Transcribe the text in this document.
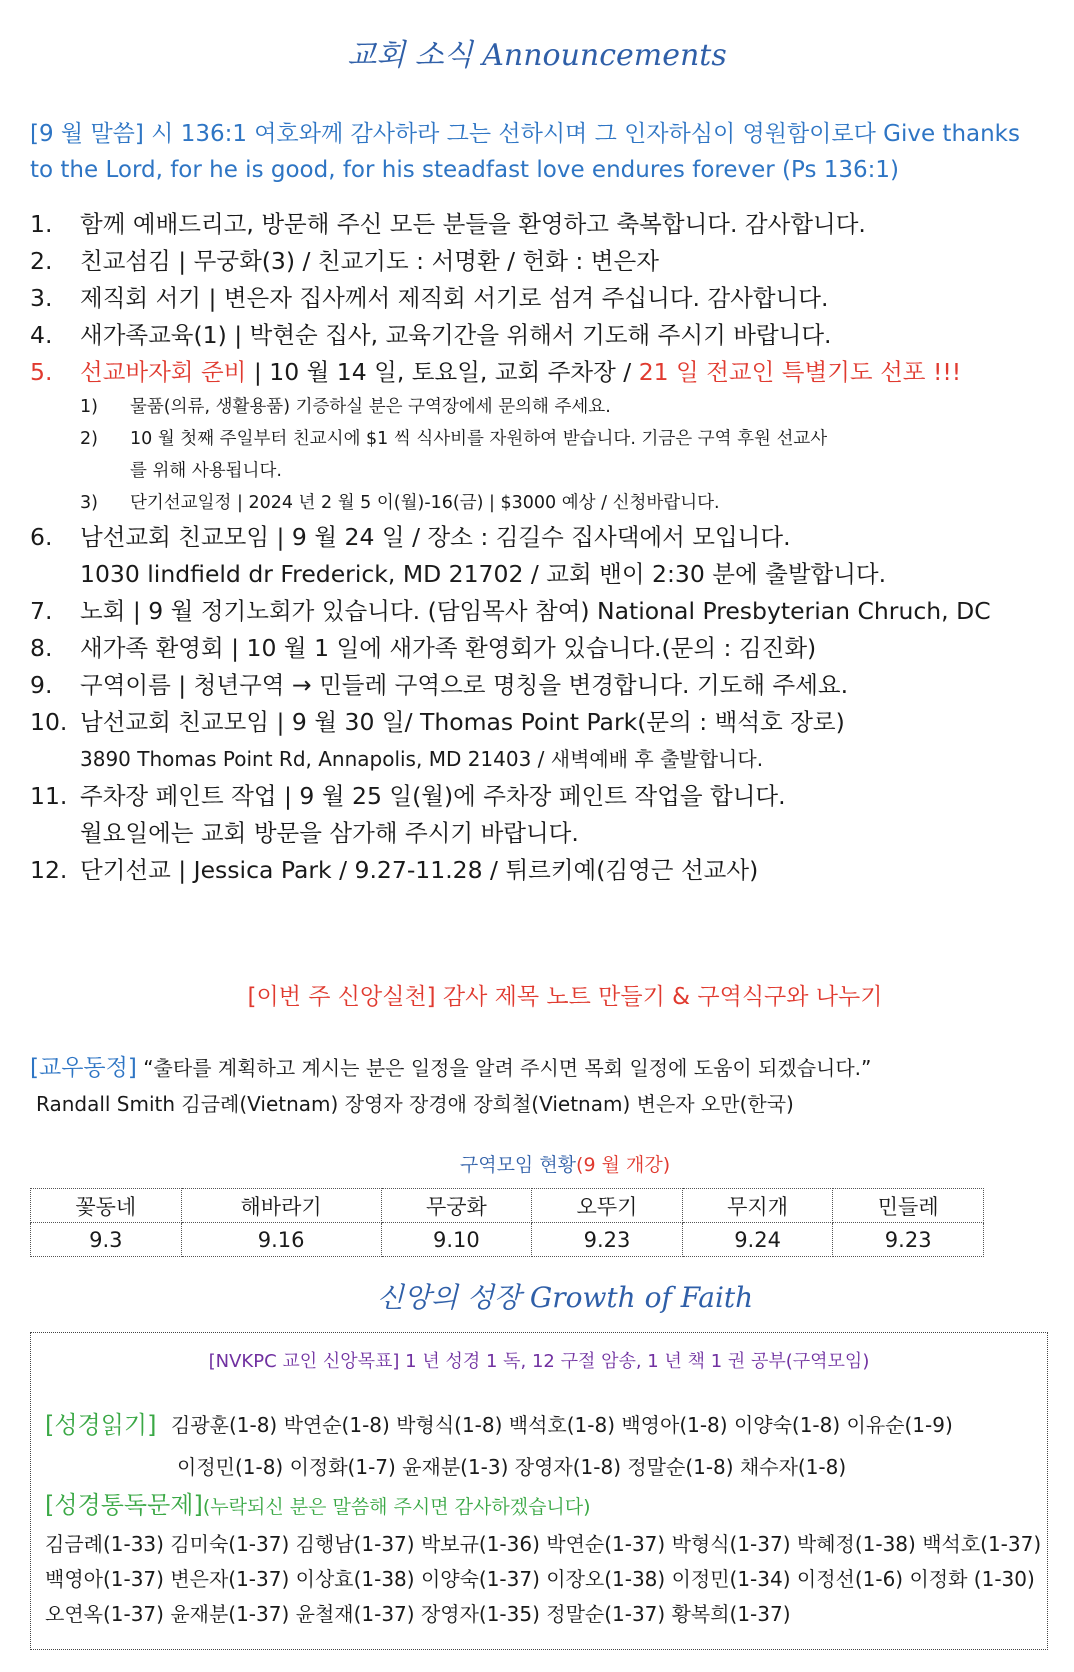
교회 소식 Announcements
[9 월 말씀] 시 136:1 여호와께 감사하라 그는 선하시며 그 인자하심이 영원함이로다 Give thanks to the Lord, for he is good, for his steadfast love endures forever (Ps 136:1)
1.	함께 예배드리고, 방문해 주신 모든 분들을 환영하고 축복합니다. 감사합니다.
2.	친교섬김 | 무궁화(3) / 친교기도 : 서명환 / 헌화 : 변은자
3.	제직회 서기 | 변은자 집사께서 제직회 서기로 섬겨 주십니다. 감사합니다.
4.	새가족교육(1) | 박현순 집사, 교육기간을 위해서 기도해 주시기 바랍니다.
5.	선교바자회 준비 | 10 월 14 일, 토요일, 교회 주차장 / 21 일 전교인 특별기도 선포 !!!
1)	물품(의류, 생활용품) 기증하실 분은 구역장에세 문의해 주세요.
2)	10 월 첫째 주일부터 친교시에 $1 씩 식사비를 자원하여 받습니다. 기금은 구역 후원 선교사를 위해 사용됩니다.
3)	단기선교일정 | 2024 년 2 월 5 이(월)-16(금) | $3000 예상 / 신청바랍니다.
6.	남선교회 친교모임 | 9 월 24 일 / 장소 : 김길수 집사댁에서 모입니다.
1030 lindfield dr Frederick, MD 21702 / 교회 밴이 2:30 분에 출발합니다.
7.	노회 | 9 월 정기노회가 있습니다. (담임목사 참여) National Presbyterian Chruch, DC
8.	새가족 환영회 | 10 월 1 일에 새가족 환영회가 있습니다.(문의 : 김진화)
9.	구역이름 | 청년구역 → 민들레 구역으로 명칭을 변경합니다. 기도해 주세요.
10. 남선교회 친교모임 | 9 월 30 일/ Thomas Point Park(문의 : 백석호 장로)
3890 Thomas Point Rd, Annapolis, MD 21403 / 새벽예배 후 출발합니다.
11. 주차장 페인트 작업 | 9 월 25 일(월)에 주차장 페인트 작업을 합니다.
월요일에는 교회 방문을 삼가해 주시기 바랍니다.
12. 단기선교 | Jessica Park / 9.27-11.28 / 튀르키예(김영근 선교사)
[이번 주 신앙실천] 감사 제목 노트 만들기 & 구역식구와 나누기
[교우동정] “출타를 계획하고 계시는 분은 일정을 알려 주시면 목회 일정에 도움이 되겠습니다.”
Randall Smith 김금례(Vietnam) 장영자 장경애 장희철(Vietnam) 변은자 오만(한국)
구역모임 현황(9 월 개강)
꽃동네	해바라기	무궁화	오뚜기	무지개	민들레
9.3	9.16	9.10	9.23	9.24	9.23
신앙의 성장 Growth of Faith
[NVKPC 교인 신앙목표] 1 년 성경 1 독, 12 구절 암송, 1 년 책 1 권 공부(구역모임)
[성경읽기] 김광훈(1-8) 박연순(1-8) 박형식(1-8) 백석호(1-8) 백영아(1-8) 이양숙(1-8) 이유순(1-9)
이정민(1-8) 이정화(1-7) 윤재분(1-3) 장영자(1-8) 정말순(1-8) 채수자(1-8)
[성경통독문제](누락되신 분은 말씀해 주시면 감사하겠습니다)
김금례(1-33) 김미숙(1-37) 김행남(1-37) 박보규(1-36) 박연순(1-37) 박형식(1-37) 박혜정(1-38) 백석호(1-37) 백영아(1-37) 변은자(1-37) 이상효(1-38) 이양숙(1-37) 이장오(1-38) 이정민(1-34) 이정선(1-6) 이정화 (1-30) 오연옥(1-37) 윤재분(1-37) 윤철재(1-37) 장영자(1-35) 정말순(1-37) 황복희(1-37)
